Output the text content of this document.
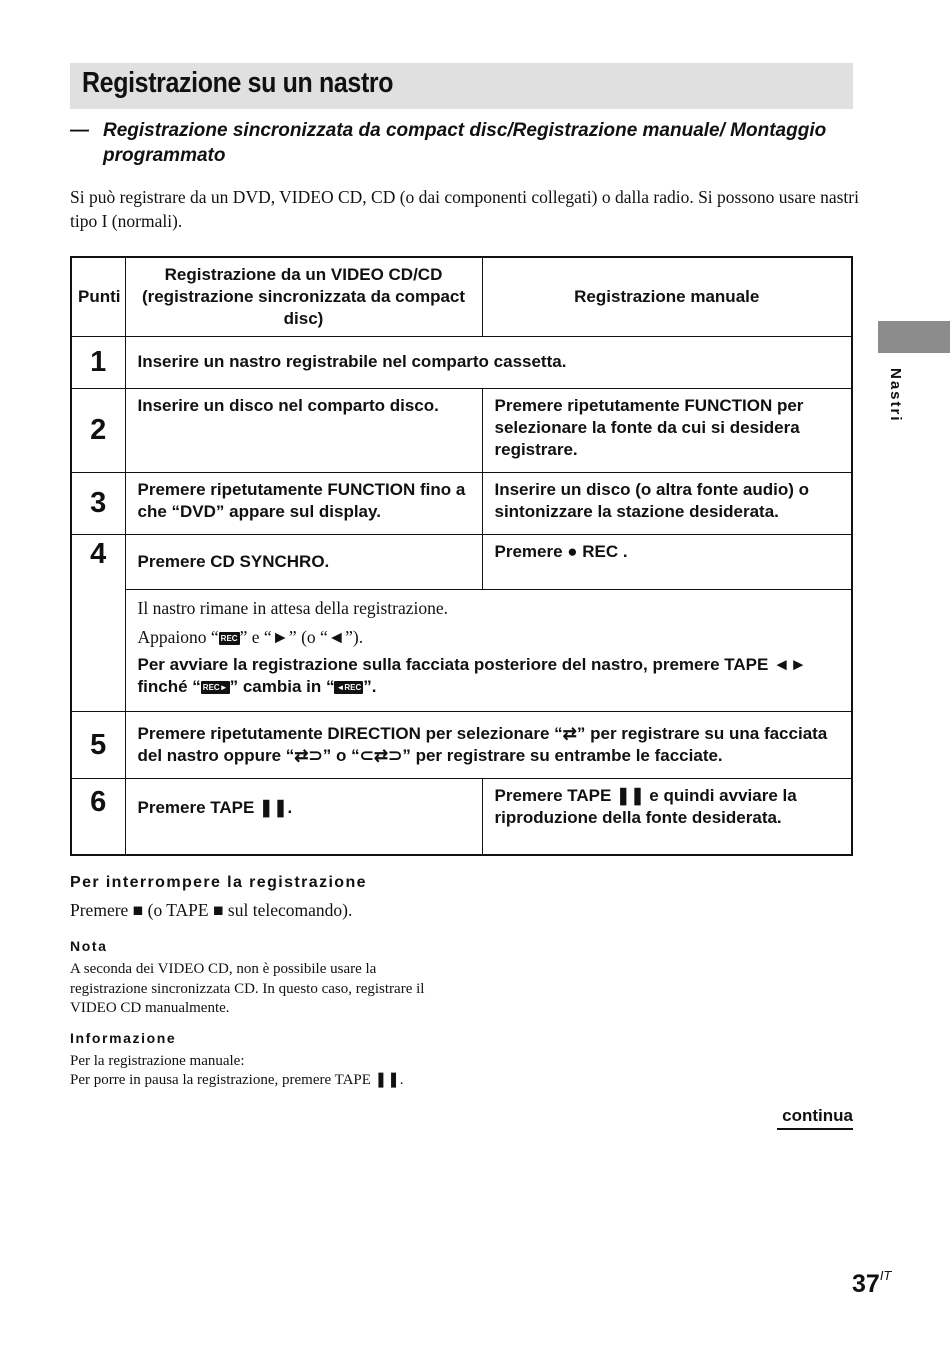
Registrazione su un nastro
— Registrazione sincronizzata da compact disc/Registrazione manuale/ Montaggio programmato
Si può registrare da un DVD, VIDEO CD, CD (o dai componenti collegati) o dalla radio. Si possono usare nastri tipo I (normali).
Nastri
Punti	Registrazione da un VIDEO CD/CD (registrazione sincronizzata da compact disc)	Registrazione manuale
1	Inserire un nastro registrabile nel comparto cassetta.	
2	Inserire un disco nel comparto disco.	Premere ripetutamente FUNCTION per selezionare la fonte da cui si desidera registrare.
3	Premere ripetutamente FUNCTION fino a che “DVD” appare sul display.	Inserire un disco (o altra fonte audio) o sintonizzare la stazione desiderata.
4	Premere CD SYNCHRO.	Premere ● REC .

	Il nastro rimane in attesa della registrazione.

Appaiono “ REC ” e “►” (o “◄”).

Per avviare la registrazione sulla facciata posteriore del nastro, premere TAPE ◄► finché “ REC► ” cambia in “ ◄REC ”.	

5	Premere ripetutamente DIRECTION per selezionare “⇄” per registrare su una facciata del nastro oppure “⇄⊃” o “⊂⇄⊃” per registrare su entrambe le facciate.	
6	Premere TAPE ❚❚.	Premere TAPE ❚❚ e quindi avviare la riproduzione della fonte desiderata.
Per interrompere la registrazione
Premere ■ (o TAPE ■ sul telecomando).
Nota
A seconda dei VIDEO CD, non è possibile usare la registrazione sincronizzata CD. In questo caso, registrare il VIDEO CD manualmente.
Informazione
Per la registrazione manuale:
Per porre in pausa la registrazione, premere TAPE ❚❚.
continua
$37^{IT}$
